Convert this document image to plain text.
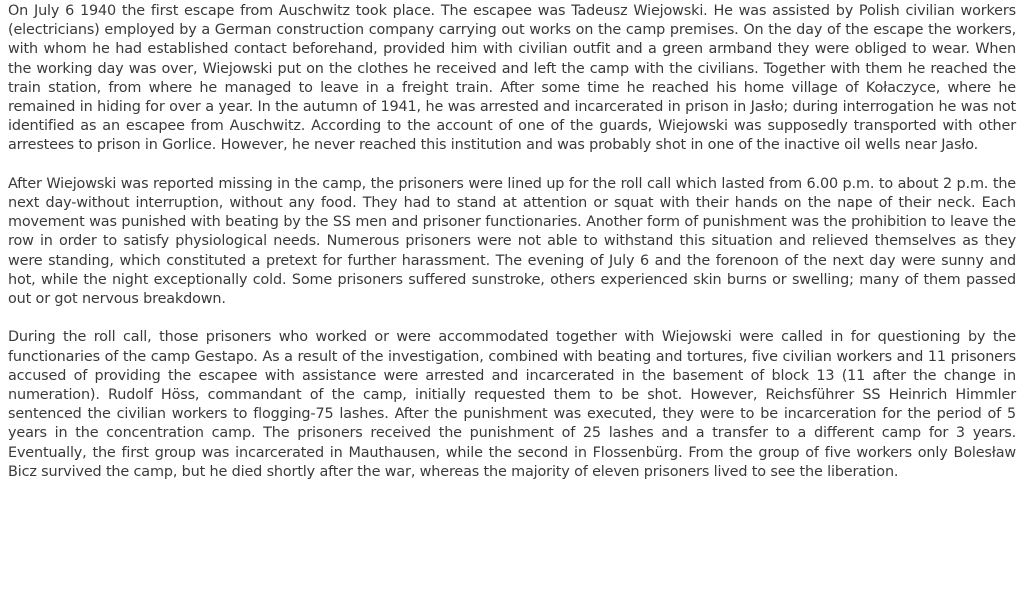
On July 6 1940 the first escape from Auschwitz took place. The escapee was Tadeusz Wiejowski. He was assisted by Polish civilian workers (electricians) employed by a German construction company carrying out works on the camp premises. On the day of the escape the workers, with whom he had established contact beforehand, provided him with civilian outfit and a green armband they were obliged to wear. When the working day was over, Wiejowski put on the clothes he received and left the camp with the civilians. Together with them he reached the train station, from where he managed to leave in a freight train. After some time he reached his home village of Kołaczyce, where he remained in hiding for over a year. In the autumn of 1941, he was arrested and incarcerated in prison in Jasło; during interrogation he was not identified as an escapee from Auschwitz. According to the account of one of the guards, Wiejowski was supposedly transported with other arrestees to prison in Gorlice. However, he never reached this institution and was probably shot in one of the inactive oil wells near Jasło.

After Wiejowski was reported missing in the camp, the prisoners were lined up for the roll call which lasted from 6.00 p.m. to about 2 p.m. the next day-without interruption, without any food. They had to stand at attention or squat with their hands on the nape of their neck. Each movement was punished with beating by the SS men and prisoner functionaries. Another form of punishment was the prohibition to leave the row in order to satisfy physiological needs. Numerous prisoners were not able to withstand this situation and relieved themselves as they were standing, which constituted a pretext for further harassment. The evening of July 6 and the forenoon of the next day were sunny and hot, while the night exceptionally cold. Some prisoners suffered sunstroke, others experienced skin burns or swelling; many of them passed out or got nervous breakdown.

During the roll call, those prisoners who worked or were accommodated together with Wiejowski were called in for questioning by the functionaries of the camp Gestapo. As a result of the investigation, combined with beating and tortures, five civilian workers and 11 prisoners accused of providing the escapee with assistance were arrested and incarcerated in the basement of block 13 (11 after the change in numeration). Rudolf Höss, commandant of the camp, initially requested them to be shot. However, Reichsführer SS Heinrich Himmler sentenced the civilian workers to flogging-75 lashes. After the punishment was executed, they were to be incarceration for the period of 5 years in the concentration camp. The prisoners received the punishment of 25 lashes and a transfer to a different camp for 3 years. Eventually, the first group was incarcerated in Mauthausen, while the second in Flossenbürg. From the group of five workers only Bolesław Bicz survived the camp, but he died shortly after the war, whereas the majority of eleven prisoners lived to see the liberation.
